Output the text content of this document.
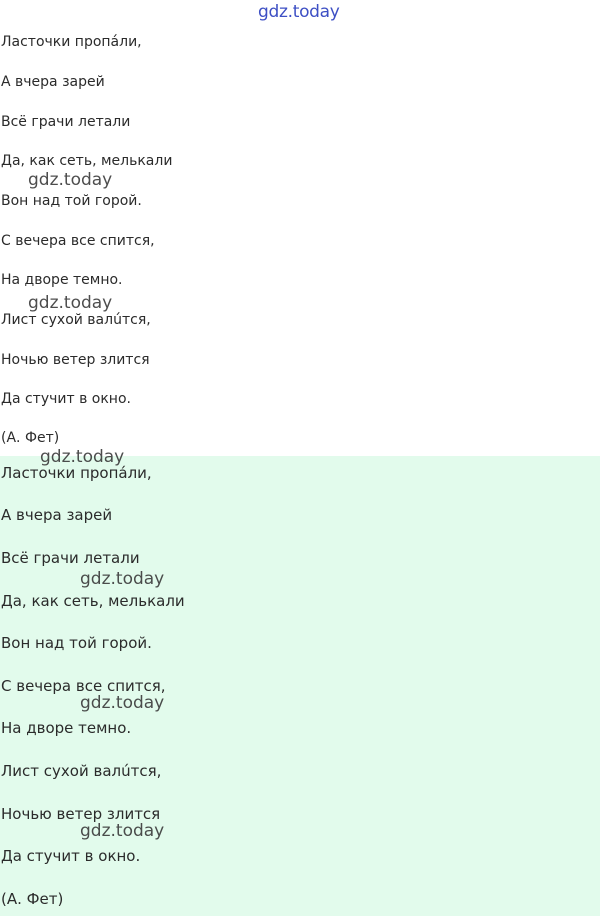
gdz.today
Ласточки пропáли,
А вчера зарей
Всё грачи летали
Да, как сеть, мелькали
Вон над той горой.
С вечера все спится,
На дворе темно.
Лист сухой валúтся,
Ночью ветер злится
Да стучит в окно.
(А. Фет)
Ласточки пропáли,
А вчера зарей
Всё грачи летали
Да, как сеть, мелькали
Вон над той горой.
С вечера все спится,
На дворе темно.
Лист сухой валúтся,
Ночью ветер злится
Да стучит в окно.
(А. Фет)
gdz.today
gdz.today
gdz.today
gdz.today
gdz.today
gdz.today
